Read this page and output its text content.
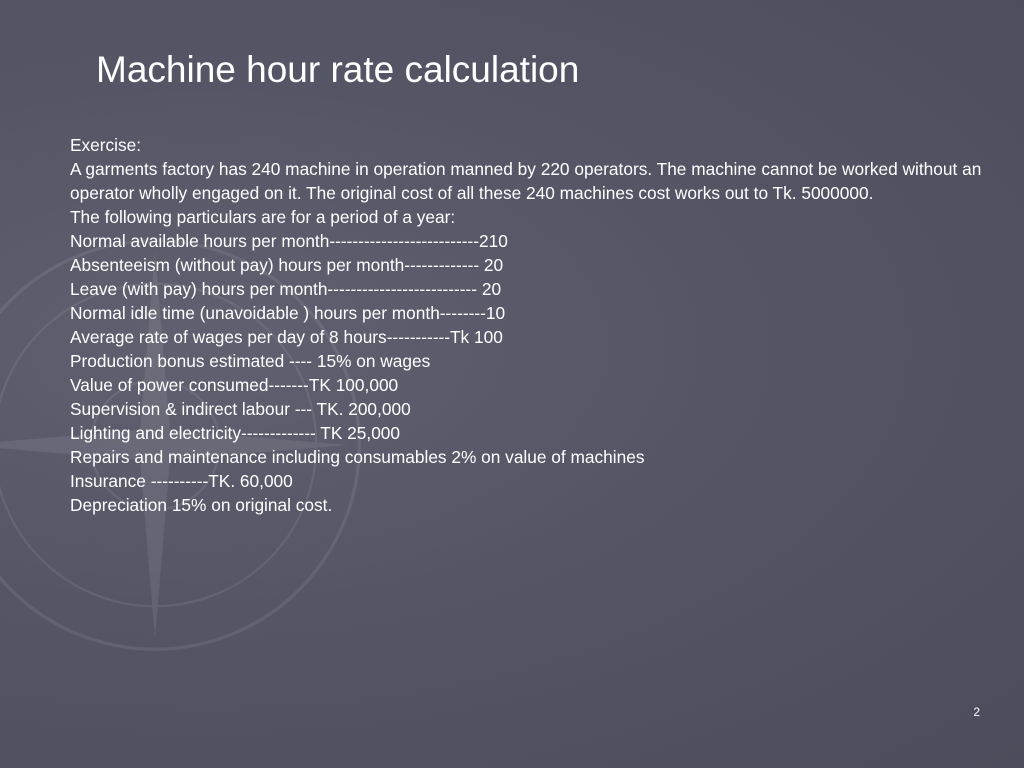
Machine hour rate calculation

Exercise:

A garments factory has 240 machine in operation manned by 220 operators. The machine cannot be worked without an operator wholly engaged on it. The original cost of all these 240 machines cost works out to Tk. 5000000.

The following particulars are for a period of a year:

Normal available hours per month--------------------------210

Absenteeism (without pay) hours per month------------- 20

Leave (with pay) hours per month-------------------------- 20

Normal idle time (unavoidable ) hours per month--------10

Average rate of wages per day of 8 hours-----------Tk 100

Production bonus estimated ---- 15% on wages

Value of power consumed-------TK 100,000

Supervision & indirect labour --- TK. 200,000

Lighting and electricity------------- TK 25,000

Repairs and maintenance including consumables 2% on value of machines

Insurance ----------TK. 60,000

Depreciation 15% on original cost.

2
